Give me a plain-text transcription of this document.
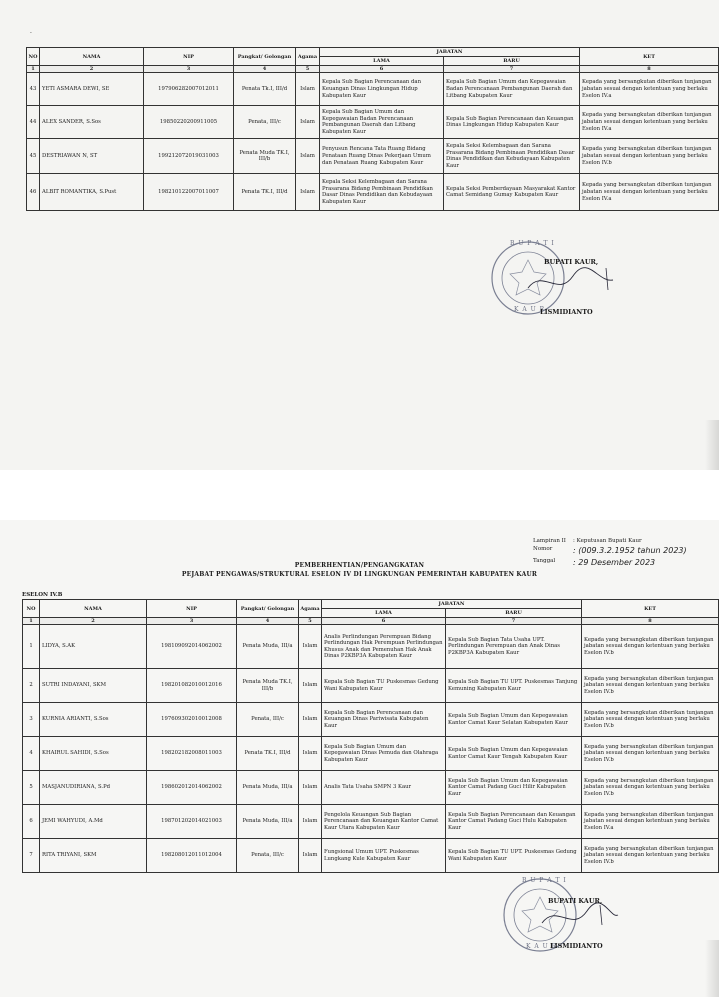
·
NO	NAMA	NIP	Pangkat/ Golongan	Agama	JABATAN		KET
					LAMA	BARU	
1	2	3	4	5	6	7	8
43	YETI ASMARA DEWI, SE	197906282007012011	Penata Tk.I, III/d	Islam	Kepala Sub Bagian Perencanaan dan Keuangan Dinas Lingkungan Hidup Kabupaten Kaur	Kepala Sub Bagian Umum dan Kepegawaian Badan Perencanaan Pembangunan Daerah dan Litbang Kabupaten Kaur	Kepada yang bersangkutan diberikan tunjangan jabatan sesuai dengan ketentuan yang berlaku Eselon IV.a
44	ALEX SANDER, S.Sos	19850220200911005	Penata, III/c	Islam	Kepala Sub Bagian Umum dan Kepegawaian Badan Perencanaan Pembangunan Daerah dan Litbang Kabupaten Kaur	Kepala Sub Bagian Perencanaan dan Keuangan Dinas Lingkungan Hidup Kabupaten Kaur	Kepada yang bersangkutan diberikan tunjangan jabatan sesuai dengan ketentuan yang berlaku Eselon IV.a
45	DESTRIAWAN N, ST	199212072019031003	Penata Muda TK.I, III/b	Islam	Penyusun Rencana Tata Ruang Bidang Penataan Ruang Dinas Pekerjaan Umum dan Penataan Ruang Kabupaten Kaur	Kepala Seksi Kelembagaan dan Sarana Prasarana Bidang Pembinaan Pendidikan Dasar Dinas Pendidikan dan Kebudayaan Kabupaten Kaur	Kepada yang bersangkutan diberikan tunjangan jabatan sesuai dengan ketentuan yang berlaku Eselon IV.b
46	ALBIT ROMANTIKA, S.Pust	198210122007011007	Penata TK.I, III/d	Islam	Kepala Seksi Kelembagaan dan Sarana Prasarana Bidang Pembinaan Pendidikan Dasar Dinas Pendidikan dan Kebudayaan Kabupaten Kaur	Kepala Seksi Pemberdayaan Masyarakat Kantor Camat Semidang Gumay Kabupaten Kaur	Kepada yang bersangkutan diberikan tunjangan jabatan sesuai dengan ketentuan yang berlaku Eselon IV.a
B U P A T I
K A U R
BUPATI KAUR,
LISMIDIANTO
Lampiran II	: Keputusan Bupati Kaur
Nomor	: (009.3.2.1952 tahun 2023)
Tanggal	: 29 Desember 2023
PEMBERHENTIAN/PENGANGKATAN
PEJABAT PENGAWAS/STRUKTURAL ESELON IV DI LINGKUNGAN PEMERINTAH KABUPATEN KAUR
ESELON IV.B
NO	NAMA	NIP	Pangkat/ Golongan	Agama	JABATAN		KET
					LAMA	BARU	
1	2	3	4	5	6	7	8
1	LIDYA, S.AK	198109092014062002	Penata Muda, III/a	Islam	Analis Perlindungan Perempuan Bidang Perlindungan Hak Perempuan Perlindungan Khusus Anak dan Pemenuhan Hak Anak Dinas P2KBP3A Kabupaten Kaur	Kepala Sub Bagian Tata Usaha UPT. Perlindungan Perempuan dan Anak Dinas P2KBP3A Kabupaten Kaur	Kepada yang bersangkutan diberikan tunjangan jabatan sesuai dengan ketentuan yang berlaku Eselon IV.b
2	SUTRI INDAYANI, SKM	198201082010012016	Penata Muda TK.I, III/b	Islam	Kepala Sub Bagian TU Puskesmas Gedung Wani Kabupaten Kaur	Kepala Sub Bagian TU UPT. Puskesmas Tanjung Kemuning Kabupaten Kaur	Kepada yang bersangkutan diberikan tunjangan jabatan sesuai dengan ketentuan yang berlaku Eselon IV.b
3	KURNIA ARIANTI, S.Sos	197609302010012008	Penata, III/c	Islam	Kepala Sub Bagian Perencanaan dan Keuangan Dinas Pariwisata Kabupaten Kaur	Kepala Sub Bagian Umum dan Kepegawaian Kantor Camat Kaur Selatan Kabupaten Kaur	Kepada yang bersangkutan diberikan tunjangan jabatan sesuai dengan ketentuan yang berlaku Eselon IV.b
4	KHAIRUL SAHIDI, S.Sos	198202182008011003	Penata TK.I, III/d	Islam	Kepala Sub Bagian Umum dan Kepegawaian Dinas Pemuda dan Olahraga Kabupaten Kaur	Kepala Sub Bagian Umum dan Kepegawaian Kantor Camat Kaur Tengah Kabupaten Kaur	Kepada yang bersangkutan diberikan tunjangan jabatan sesuai dengan ketentuan yang berlaku Eselon IV.b
5	MASJANUDIRIANA, S.Pd	198602012014062002	Penata Muda, III/a	Islam	Analis Tata Usaha SMPN 3 Kaur	Kepala Sub Bagian Umum dan Kepegawaian Kantor Camat Padang Guci Hilir Kabupaten Kaur	Kepada yang bersangkutan diberikan tunjangan jabatan sesuai dengan ketentuan yang berlaku Eselon IV.b
6	JEMI WAHYUDI, A.Md	198701202014021003	Penata Muda, III/a	Islam	Pengelola Keuangan Sub Bagian Perencanaan dan Keuangan Kantor Camat Kaur Utara Kabupaten Kaur	Kepala Sub Bagian Perencanaan dan Keuangan Kantor Camat Padang Guci Hulu Kabupaten Kaur	Kepada yang bersangkutan diberikan tunjangan jabatan sesuai dengan ketentuan yang berlaku Eselon IV.a
7	RITA TRIYANI, SKM	198208012011012004	Penata, III/c	Islam	Fungsional Umum UPT. Puskesmas Lungkang Kule Kabupaten Kaur	Kepala Sub Bagian TU UPT. Puskesmas Gedung Wani Kabupaten Kaur	Kepada yang bersangkutan diberikan tunjangan jabatan sesuai dengan ketentuan yang berlaku Eselon IV.b
B U P A T I
K A U R
BUPATI KAUR,
LISMIDIANTO
